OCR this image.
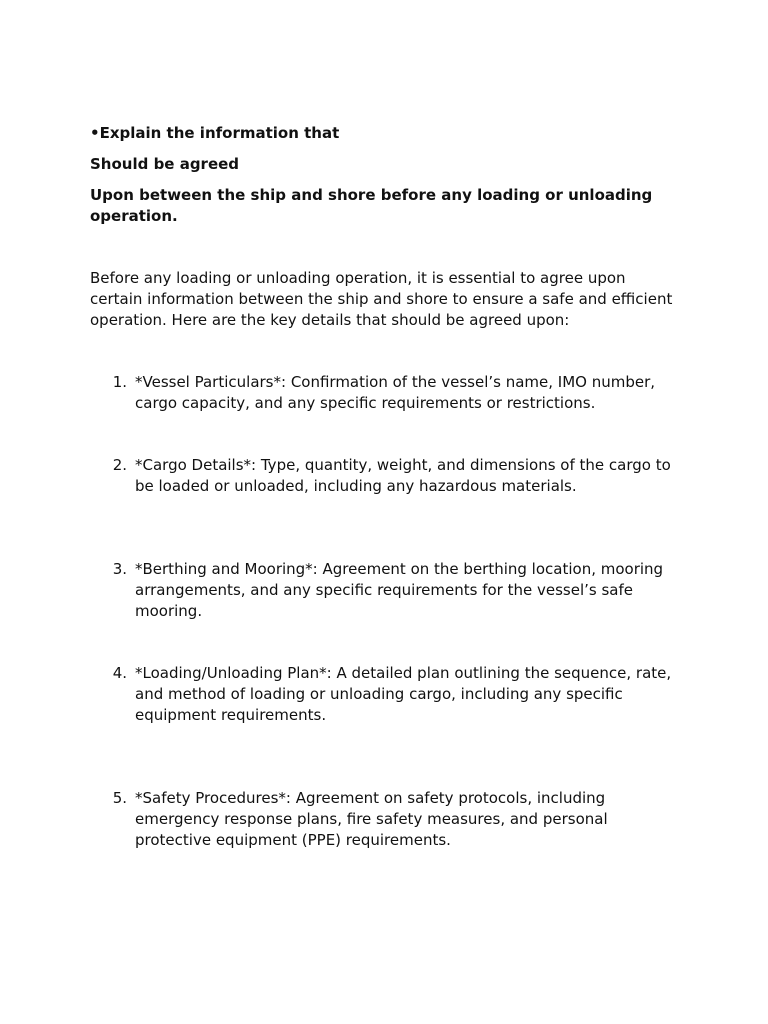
•Explain the information that

Should be agreed

Upon between the ship and shore before any loading or unloading operation.

Before any loading or unloading operation, it is essential to agree upon certain information between the ship and shore to ensure a safe and efficient operation. Here are the key details that should be agreed upon:

1. *Vessel Particulars*: Confirmation of the vessel’s name, IMO number, cargo capacity, and any specific requirements or restrictions.
2. *Cargo Details*: Type, quantity, weight, and dimensions of the cargo to be loaded or unloaded, including any hazardous materials.
3. *Berthing and Mooring*: Agreement on the berthing location, mooring arrangements, and any specific requirements for the vessel’s safe mooring.
4. *Loading/Unloading Plan*: A detailed plan outlining the sequence, rate, and method of loading or unloading cargo, including any specific equipment requirements.
5. *Safety Procedures*: Agreement on safety protocols, including emergency response plans, fire safety measures, and personal protective equipment (PPE) requirements.
